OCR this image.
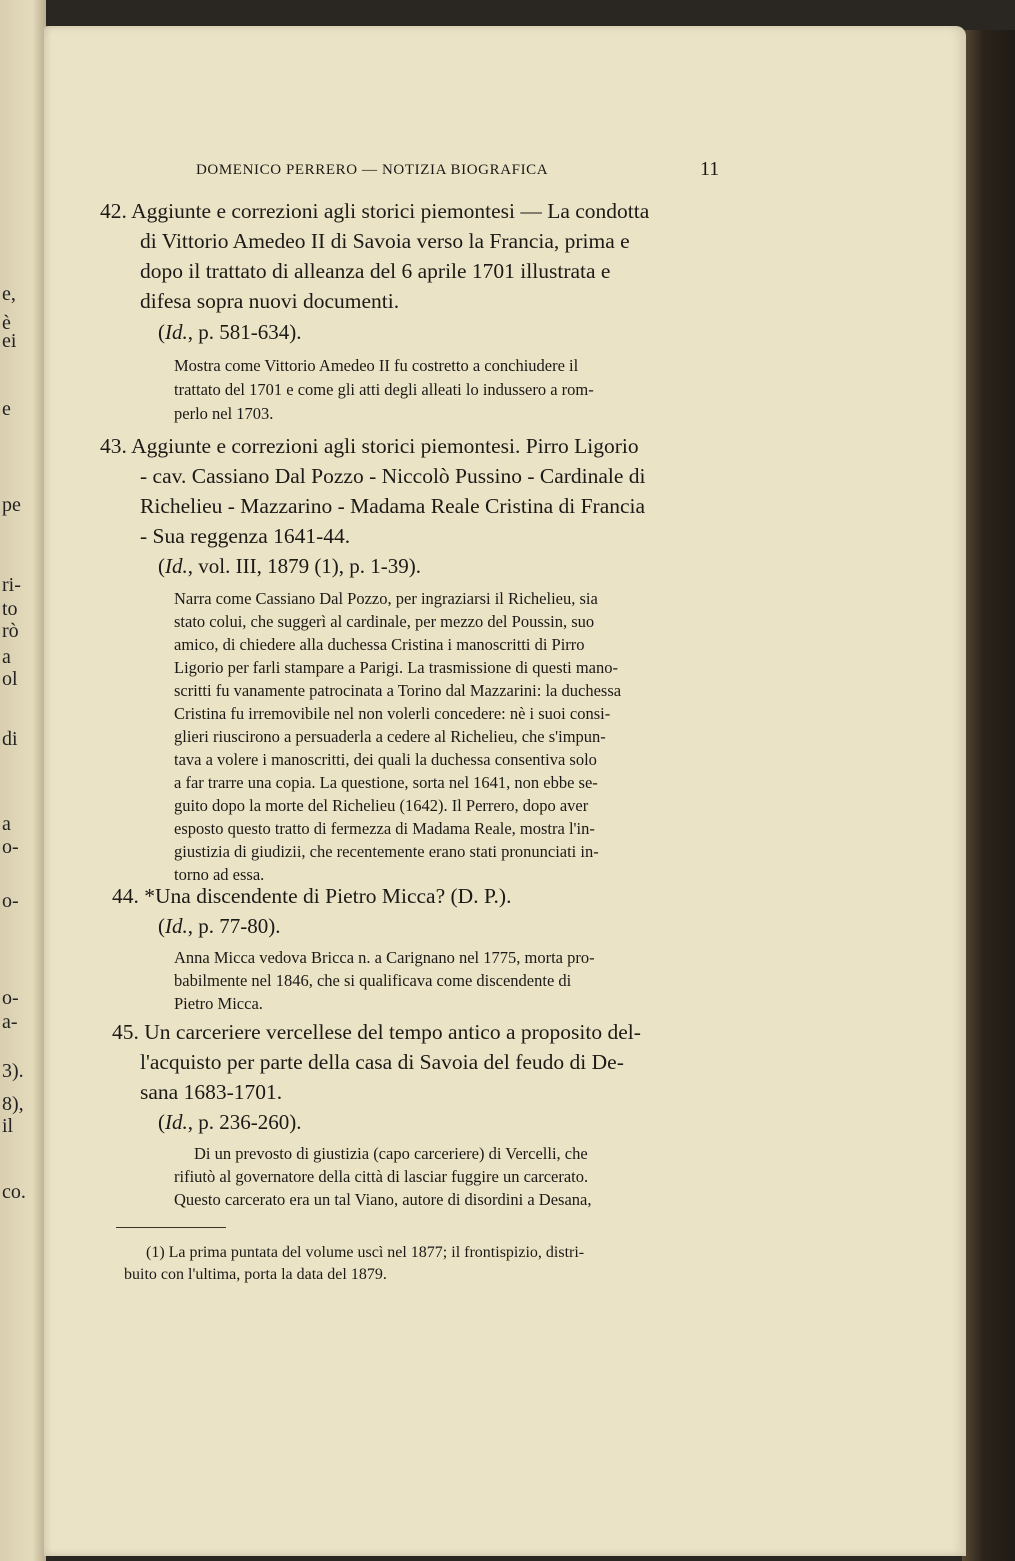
e,
è
ei
e
pe
ri-
to
rò
a
ol
di
a
o-
o-
o-
a-
3).
8),
il
co.
DOMENICO PERRERO — NOTIZIA BIOGRAFICA	11
42. Aggiunte e correzioni agli storici piemontesi — La condotta
di Vittorio Amedeo II di Savoia verso la Francia, prima e
dopo il trattato di alleanza del 6 aprile 1701 illustrata e
difesa sopra nuovi documenti.
(Id., p. 581-634).
Mostra come Vittorio Amedeo II fu costretto a conchiudere il
trattato del 1701 e come gli atti degli alleati lo indussero a rom-
perlo nel 1703.
43. Aggiunte e correzioni agli storici piemontesi. Pirro Ligorio
- cav. Cassiano Dal Pozzo - Niccolò Pussino - Cardinale di
Richelieu - Mazzarino - Madama Reale Cristina di Francia
- Sua reggenza 1641-44.
(Id., vol. III, 1879 (1), p. 1-39).
Narra come Cassiano Dal Pozzo, per ingraziarsi il Richelieu, sia
stato colui, che suggerì al cardinale, per mezzo del Poussin, suo
amico, di chiedere alla duchessa Cristina i manoscritti di Pirro
Ligorio per farli stampare a Parigi. La trasmissione di questi mano-
scritti fu vanamente patrocinata a Torino dal Mazzarini: la duchessa
Cristina fu irremovibile nel non volerli concedere: nè i suoi consi-
glieri riuscirono a persuaderla a cedere al Richelieu, che s'impun-
tava a volere i manoscritti, dei quali la duchessa consentiva solo
a far trarre una copia. La questione, sorta nel 1641, non ebbe se-
guito dopo la morte del Richelieu (1642). Il Perrero, dopo aver
esposto questo tratto di fermezza di Madama Reale, mostra l'in-
giustizia di giudizii, che recentemente erano stati pronunciati in-
torno ad essa.
44. *Una discendente di Pietro Micca? (D. P.).
(Id., p. 77-80).
Anna Micca vedova Bricca n. a Carignano nel 1775, morta pro-
babilmente nel 1846, che si qualificava come discendente di
Pietro Micca.
45. Un carceriere vercellese del tempo antico a proposito del-
l'acquisto per parte della casa di Savoia del feudo di De-
sana 1683-1701.
(Id., p. 236-260).
Di un prevosto di giustizia (capo carceriere) di Vercelli, che
rifiutò al governatore della città di lasciar fuggire un carcerato.
Questo carcerato era un tal Viano, autore di disordini a Desana,
(1) La prima puntata del volume uscì nel 1877; il frontispizio, distri-
buito con l'ultima, porta la data del 1879.
